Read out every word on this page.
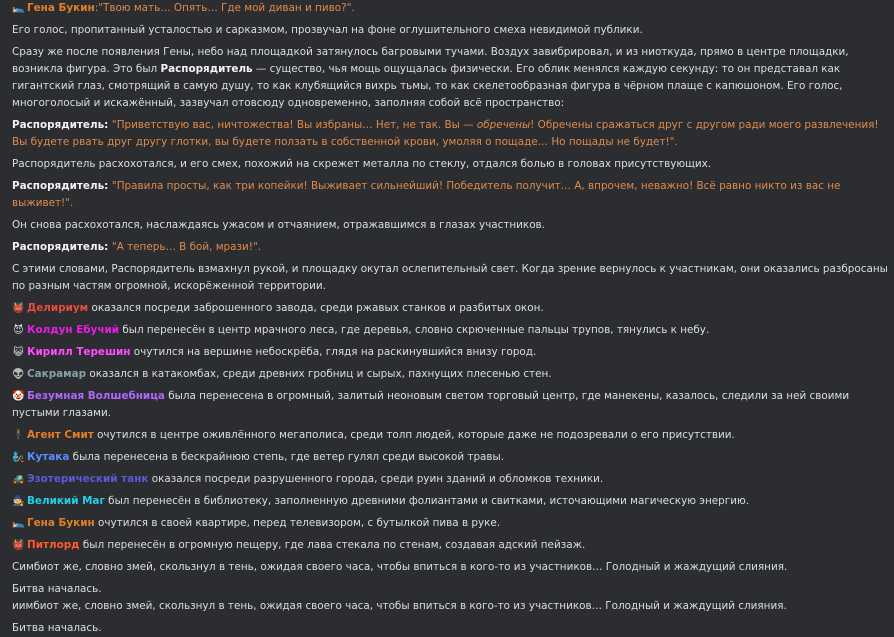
🛌 Гена Букин:"Твою мать… Опять… Где мой диван и пиво?".
Его голос, пропитанный усталостью и сарказмом, прозвучал на фоне оглушительного смеха невидимой публики.
Сразу же после появления Гены, небо над площадкой затянулось багровыми тучами. Воздух завибрировал, и из ниоткуда, прямо в центре площадки, возникла фигура. Это был Распорядитель — существо, чья мощь ощущалась физически. Его облик менялся каждую секунду: то он представал как гигантский глаз, смотрящий в самую душу, то как клубящийся вихрь тьмы, то как скелетообразная фигура в чёрном плаще с капюшоном. Его голос, многоголосый и искажённый, зазвучал отовсюду одновременно, заполняя собой всё пространство:
Распорядитель: "Приветствую вас, ничтожества! Вы избраны… Нет, не так. Вы — обречены! Обречены сражаться друг с другом ради моего развлечения! Вы будете рвать друг другу глотки, вы будете ползать в собственной крови, умоляя о пощаде… Но пощады не будет!".
Распорядитель расхохотался, и его смех, похожий на скрежет металла по стеклу, отдался болью в головах присутствующих.
Распорядитель: "Правила просты, как три копейки! Выживает сильнейший! Победитель получит… А, впрочем, неважно! Всё равно никто из вас не выживет!".
Он снова расхохотался, наслаждаясь ужасом и отчаянием, отражавшимся в глазах участников.
Распорядитель: "А теперь… В бой, мрази!".
С этими словами, Распорядитель взмахнул рукой, и площадку окутал ослепительный свет. Когда зрение вернулось к участникам, они оказались разбросаны по разным частям огромной, искорёженной территории.
👹 Делириум оказался посреди заброшенного завода, среди ржавых станков и разбитых окон.
😈 Колдун Ебучий был перенесён в центр мрачного леса, где деревья, словно скрюченные пальцы трупов, тянулись к небу.
😺 Кирилл Терешин очутился на вершине небоскрёба, глядя на раскинувшийся внизу город.
👽 Сакрамар оказался в катакомбах, среди древних гробниц и сырых, пахнущих плесенью стен.
🤡 Безумная Волшебница была перенесена в огромный, залитый неоновым светом торговый центр, где манекены, казалось, следили за ней своими пустыми глазами.
🕴️ Агент Смит очутился в центре оживлённого мегаполиса, среди толп людей, которые даже не подозревали о его присутствии.
🧞 Кутака была перенесена в бескрайнюю степь, где ветер гулял среди высокой травы.
🚜 Эзотерический танк оказался посреди разрушенного города, среди руин зданий и обломков техники.
🧙 Великий Маг был перенесён в библиотеку, заполненную древними фолиантами и свитками, источающими магическую энергию.
🛌 Гена Букин очутился в своей квартире, перед телевизором, с бутылкой пива в руке.
👹 Питлорд был перенесён в огромную пещеру, где лава стекала по стенам, создавая адский пейзаж.
Симбиот же, словно змей, скользнул в тень, ожидая своего часа, чтобы впиться в кого-то из участников… Голодный и жаждущий слияния.
Битва началась.
иимбиот же, словно змей, скользнул в тень, ожидая своего часа, чтобы впиться в кого-то из участников… Голодный и жаждущий слияния.
Битва началась.
